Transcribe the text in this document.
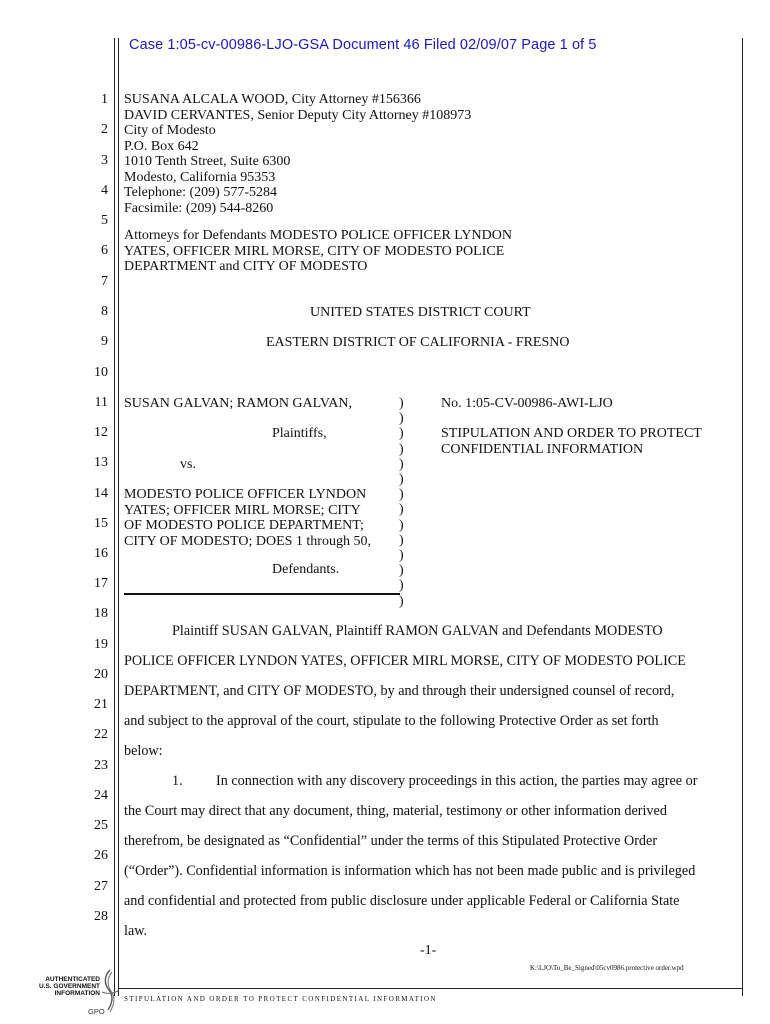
Case 1:05-cv-00986-LJO-GSA Document 46 Filed 02/09/07 Page 1 of 5
1
2
3
4
5
6
7
8
9
10
11
12
13
14
15
16
17
18
19
20
21
22
23
24
25
26
27
28
SUSANA ALCALA WOOD, City Attorney #156366
DAVID CERVANTES, Senior Deputy City Attorney #108973
City of Modesto
P.O. Box 642
1010 Tenth Street, Suite 6300
Modesto, California 95353
Telephone: (209) 577-5284
Facsimile: (209) 544-8260
Attorneys for Defendants MODESTO POLICE OFFICER LYNDON
YATES, OFFICER MIRL MORSE, CITY OF MODESTO POLICE
DEPARTMENT and CITY OF MODESTO
UNITED STATES DISTRICT COURT
EASTERN DISTRICT OF CALIFORNIA - FRESNO
SUSAN GALVAN; RAMON GALVAN,
Plaintiffs,
vs.
MODESTO POLICE OFFICER LYNDON
YATES; OFFICER MIRL MORSE; CITY
OF MODESTO POLICE DEPARTMENT;
CITY OF MODESTO; DOES 1 through 50,
Defendants.
)
)
)
)
)
)
)
)
)
)
)
)
)
)
No. 1:05-CV-00986-AWI-LJO
STIPULATION AND ORDER TO PROTECT
CONFIDENTIAL INFORMATION
Plaintiff SUSAN GALVAN, Plaintiff RAMON GALVAN and Defendants MODESTO
POLICE OFFICER LYNDON YATES, OFFICER MIRL MORSE, CITY OF MODESTO POLICE
DEPARTMENT, and CITY OF MODESTO, by and through their undersigned counsel of record,
and subject to the approval of the court, stipulate to the following Protective Order as set forth
below:
1. In connection with any discovery proceedings in this action, the parties may agree or
the Court may direct that any document, thing, material, testimony or other information derived
therefrom, be designated as “Confidential” under the terms of this Stipulated Protective Order
(“Order”). Confidential information is information which has not been made public and is privileged
and confidential and protected from public disclosure under applicable Federal or California State
law.
-1-
K:\LJO\To_Be_Signed\05cv0986.protective order.wpd
STIPULATION AND ORDER TO PROTECT CONFIDENTIAL INFORMATION
AUTHENTICATED
U.S. GOVERNMENT
INFORMATION
GPO
